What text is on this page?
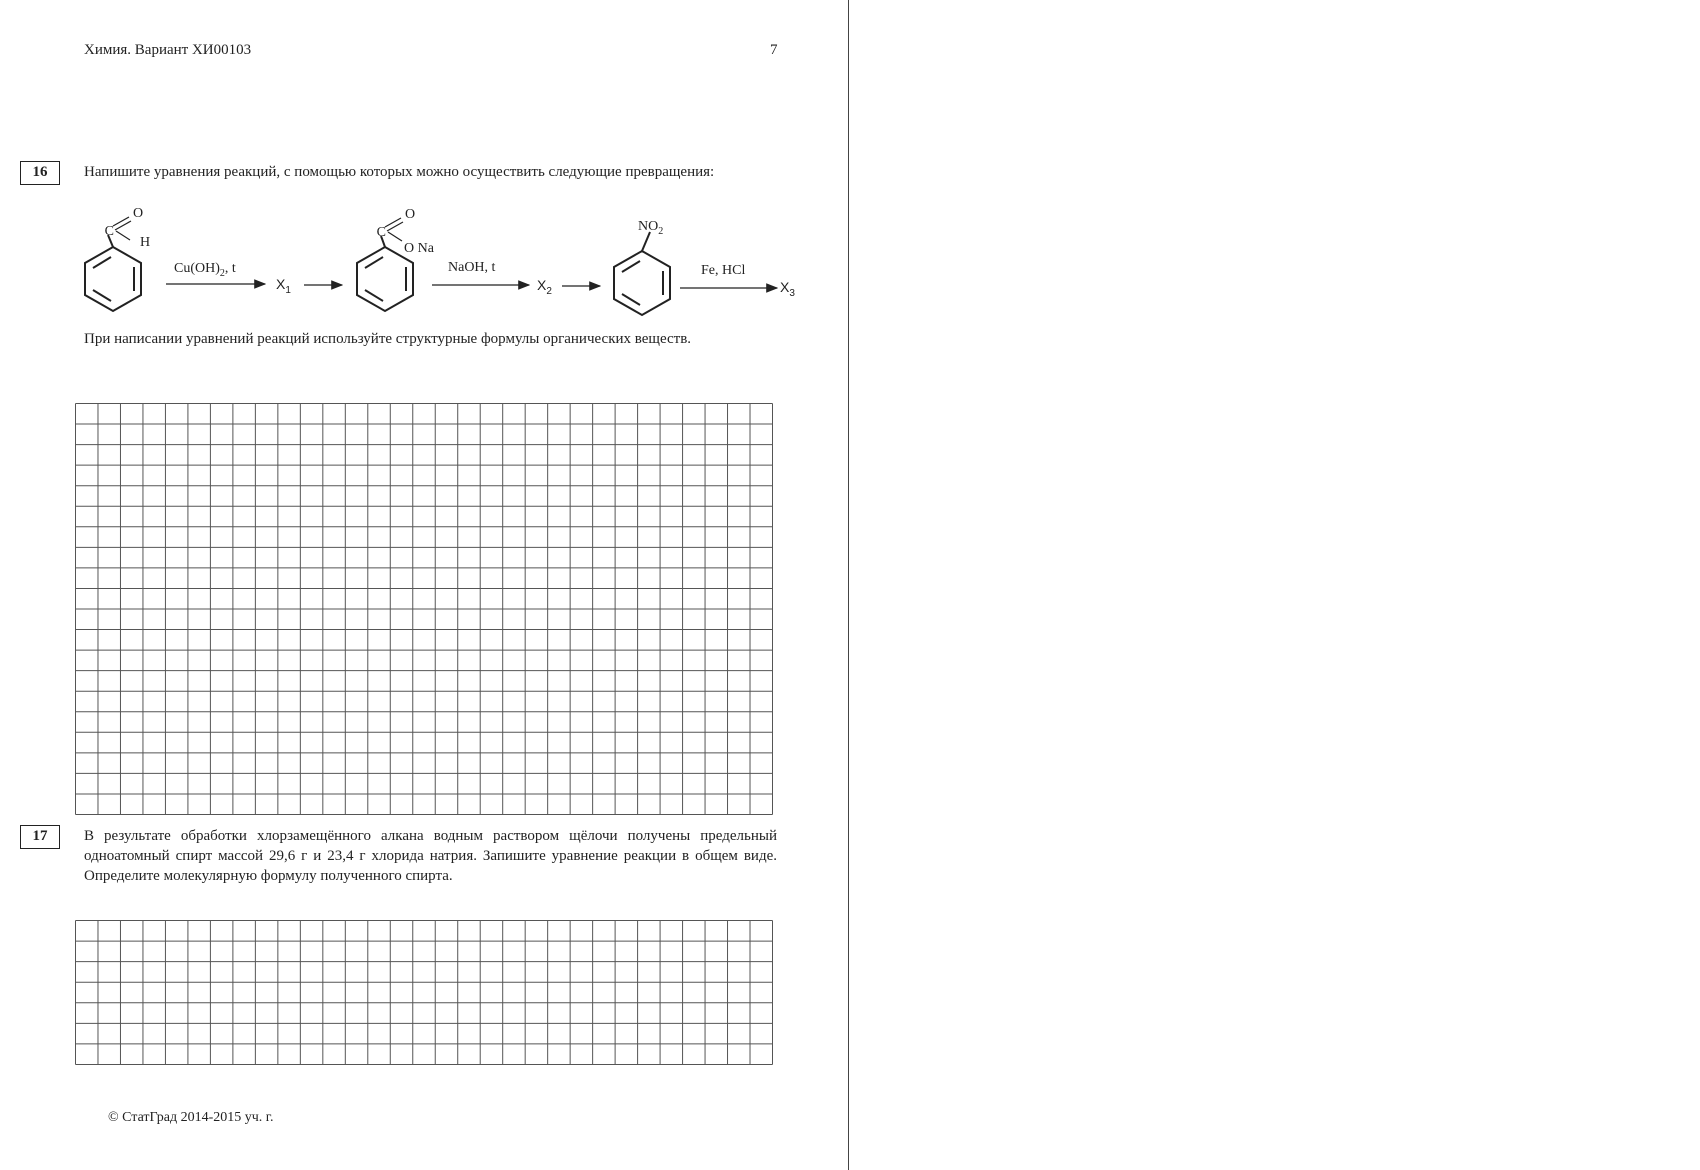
Химия. Вариант ХИ00103	7
16	Напишите уравнения реакций, с помощью которых можно осуществить следующие превращения:
C
O
H
$Cu(OH)_2$, t
$X_1$
C
O
O Na
NaOH, t
$X_2$
$NO_2$
Fe, HCl
$X_3$
При написании уравнений реакций используйте структурные формулы органических веществ.
17	В результате обработки хлорзамещённого алкана водным раствором щёлочи получены предельный одноатомный спирт массой 29,6 г и 23,4 г хлорида натрия. Запишите уравнение реакции в общем виде. Определите молекулярную формулу полученного спирта.
© СтатГрад 2014-2015 уч. г.
